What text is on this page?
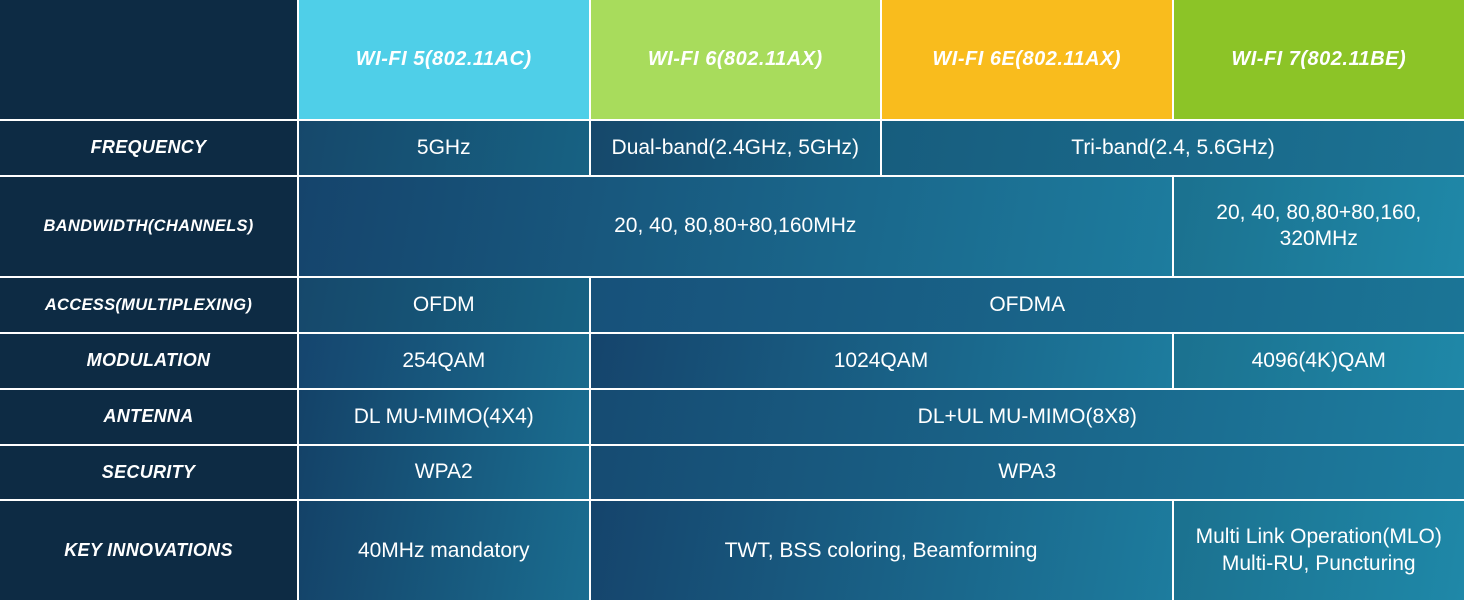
	WI-FI 5(802.11AC)	WI-FI 6(802.11AX)	WI-FI 6E(802.11AX)	WI-FI 7(802.11BE)
FREQUENCY	5GHz	Dual-band(2.4GHz, 5GHz)	Tri-band(2.4, 5.6GHz)	
BANDWIDTH(CHANNELS)	20, 40, 80,80+80,160MHz			20, 40, 80,80+80,160, 320MHz
ACCESS(MULTIPLEXING)	OFDM	OFDMA		
MODULATION	254QAM	1024QAM		4096(4K)QAM
ANTENNA	DL MU-MIMO(4X4)	DL+UL MU-MIMO(8X8)		
SECURITY	WPA2	WPA3		
KEY INNOVATIONS	40MHz mandatory	TWT, BSS coloring, Beamforming		Multi Link Operation(MLO) Multi-RU, Puncturing
